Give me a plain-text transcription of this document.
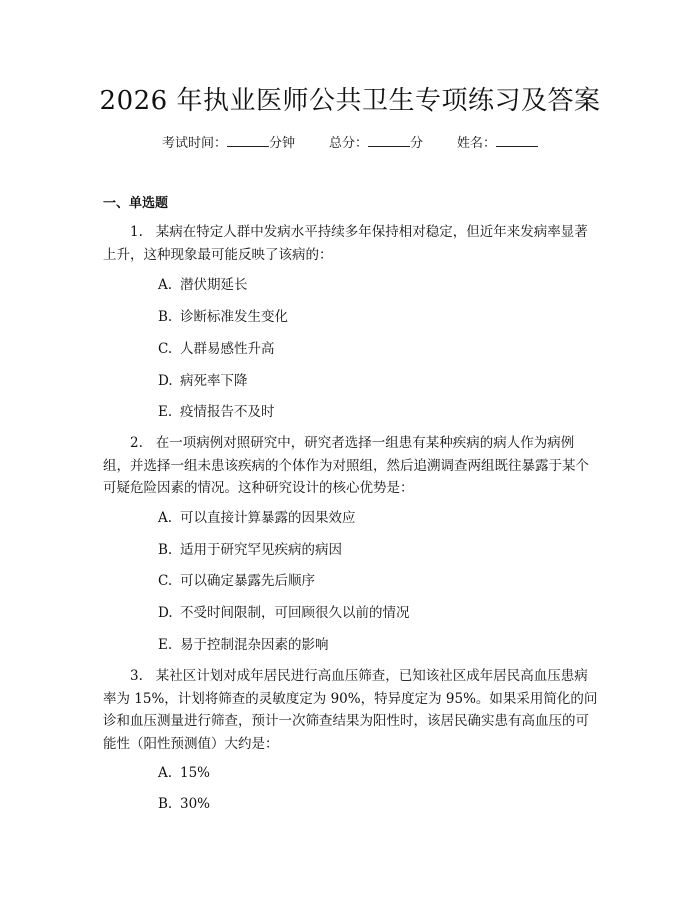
2026 年执业医师公共卫生专项练习及答案
考试时间：	分钟	总分：	分	姓名：
一、单选题
1. 某病在特定人群中发病水平持续多年保持相对稳定，但近年来发病率显著上升，这种现象最可能反映了该病的：
A. 潜伏期延长
B. 诊断标准发生变化
C. 人群易感性升高
D. 病死率下降
E. 疫情报告不及时
2. 在一项病例对照研究中，研究者选择一组患有某种疾病的病人作为病例组，并选择一组未患该疾病的个体作为对照组，然后追溯调查两组既往暴露于某个可疑危险因素的情况。这种研究设计的核心优势是：
A. 可以直接计算暴露的因果效应
B. 适用于研究罕见疾病的病因
C. 可以确定暴露先后顺序
D. 不受时间限制，可回顾很久以前的情况
E. 易于控制混杂因素的影响
3. 某社区计划对成年居民进行高血压筛查，已知该社区成年居民高血压患病率为 15%，计划将筛查的灵敏度定为 90%，特异度定为 95%。如果采用简化的问诊和血压测量进行筛查，预计一次筛查结果为阳性时，该居民确实患有高血压的可能性（阳性预测值）大约是：
A. 15%
B. 30%
